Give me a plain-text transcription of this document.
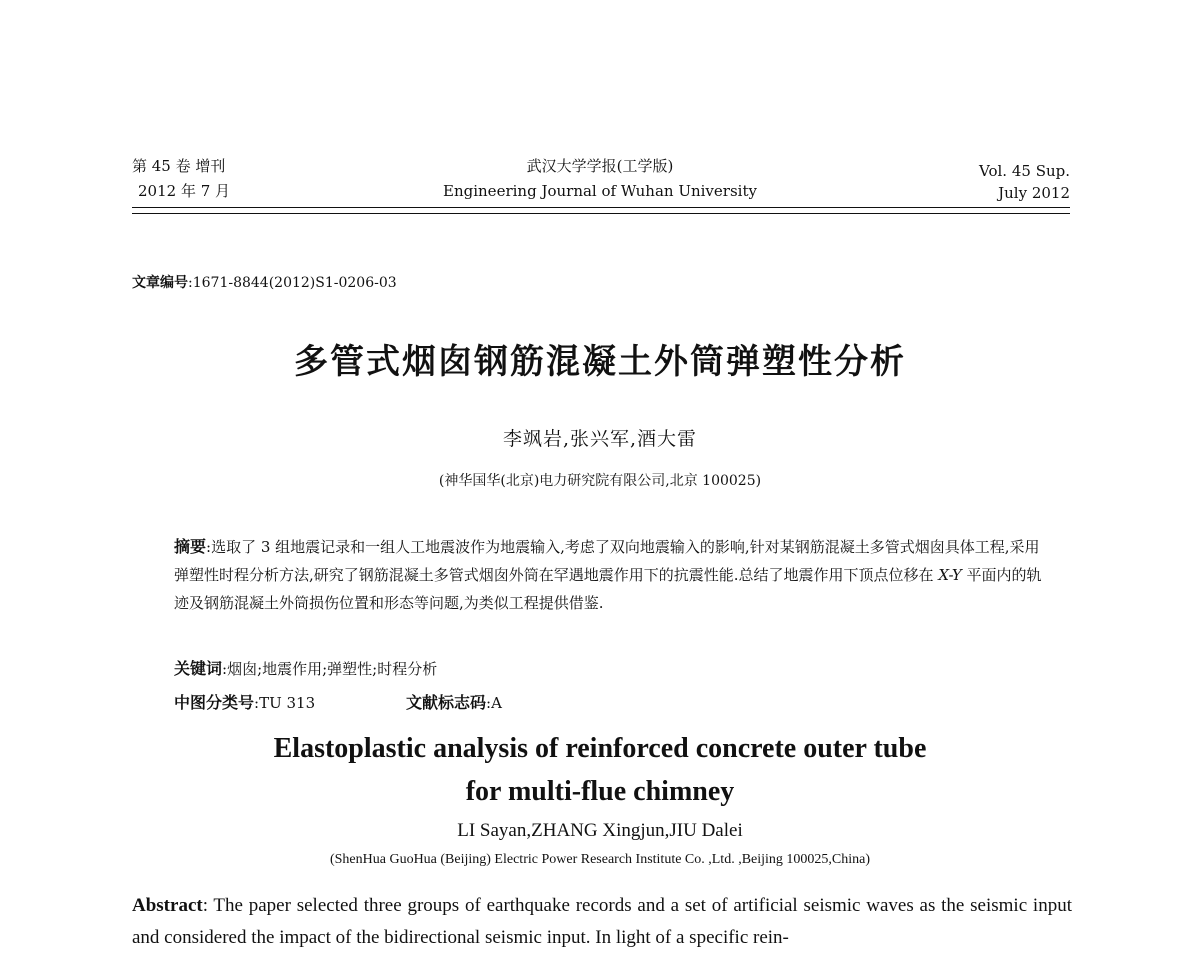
第 45 卷 增刊
2012 年 7 月
武汉大学学报(工学版)
Engineering Journal of Wuhan University
Vol. 45 Sup.
July 2012
文章编号:1671-8844(2012)S1-0206-03
多管式烟囱钢筋混凝土外筒弹塑性分析
李飒岩,张兴军,酒大雷
(神华国华(北京)电力研究院有限公司,北京 100025)
摘要:选取了 3 组地震记录和一组人工地震波作为地震输入,考虑了双向地震输入的影响,针对某钢筋混凝土多管式烟囱具体工程,采用弹塑性时程分析方法,研究了钢筋混凝土多管式烟囱外筒在罕遇地震作用下的抗震性能.总结了地震作用下顶点位移在 X-Y 平面内的轨迹及钢筋混凝土外筒损伤位置和形态等问题,为类似工程提供借鉴.
关键词:烟囱;地震作用;弹塑性;时程分析
中图分类号:TU 313	文献标志码:A
Elastoplastic analysis of reinforced concrete outer tube
for multi-flue chimney
LI Sayan,ZHANG Xingjun,JIU Dalei
(ShenHua GuoHua (Beijing) Electric Power Research Institute Co. ,Ltd. ,Beijing 100025,China)
Abstract: The paper selected three groups of earthquake records and a set of artificial seismic waves as the seismic input and considered the impact of the bidirectional seismic input. In light of a specific rein-
